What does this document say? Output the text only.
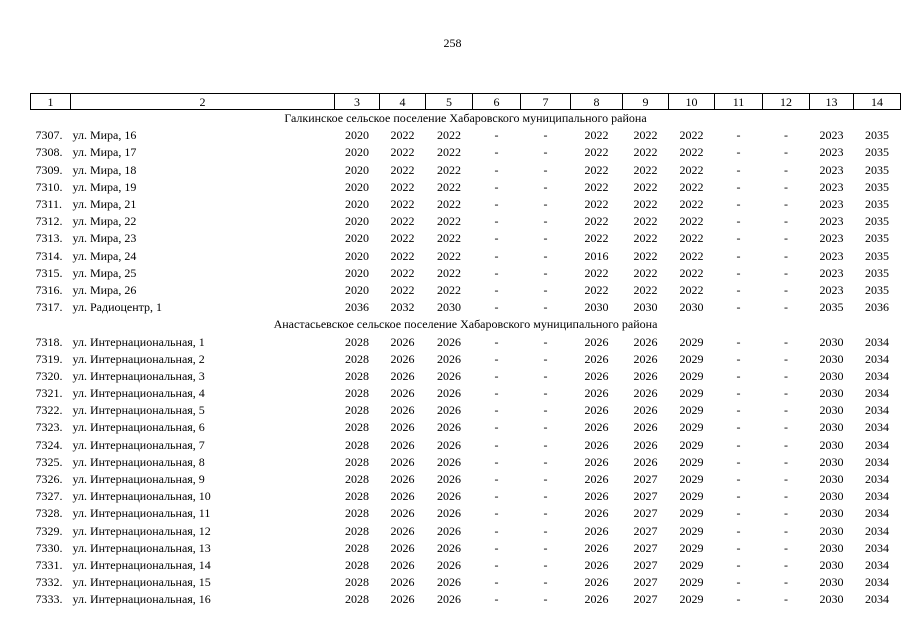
258
1	2	3	4	5	6	7	8	9	10	11	12	13	14
Галкинское сельское поселение Хабаровского муниципального района													
7307.	ул. Мира, 16	2020	2022	2022	-	-	2022	2022	2022	-	-	2023	2035
7308.	ул. Мира, 17	2020	2022	2022	-	-	2022	2022	2022	-	-	2023	2035
7309.	ул. Мира, 18	2020	2022	2022	-	-	2022	2022	2022	-	-	2023	2035
7310.	ул. Мира, 19	2020	2022	2022	-	-	2022	2022	2022	-	-	2023	2035
7311.	ул. Мира, 21	2020	2022	2022	-	-	2022	2022	2022	-	-	2023	2035
7312.	ул. Мира, 22	2020	2022	2022	-	-	2022	2022	2022	-	-	2023	2035
7313.	ул. Мира, 23	2020	2022	2022	-	-	2022	2022	2022	-	-	2023	2035
7314.	ул. Мира, 24	2020	2022	2022	-	-	2016	2022	2022	-	-	2023	2035
7315.	ул. Мира, 25	2020	2022	2022	-	-	2022	2022	2022	-	-	2023	2035
7316.	ул. Мира, 26	2020	2022	2022	-	-	2022	2022	2022	-	-	2023	2035
7317.	ул. Радиоцентр, 1	2036	2032	2030	-	-	2030	2030	2030	-	-	2035	2036
Анастасьевское сельское поселение Хабаровского муниципального района													
7318.	ул. Интернациональная, 1	2028	2026	2026	-	-	2026	2026	2029	-	-	2030	2034
7319.	ул. Интернациональная, 2	2028	2026	2026	-	-	2026	2026	2029	-	-	2030	2034
7320.	ул. Интернациональная, 3	2028	2026	2026	-	-	2026	2026	2029	-	-	2030	2034
7321.	ул. Интернациональная, 4	2028	2026	2026	-	-	2026	2026	2029	-	-	2030	2034
7322.	ул. Интернациональная, 5	2028	2026	2026	-	-	2026	2026	2029	-	-	2030	2034
7323.	ул. Интернациональная, 6	2028	2026	2026	-	-	2026	2026	2029	-	-	2030	2034
7324.	ул. Интернациональная, 7	2028	2026	2026	-	-	2026	2026	2029	-	-	2030	2034
7325.	ул. Интернациональная, 8	2028	2026	2026	-	-	2026	2026	2029	-	-	2030	2034
7326.	ул. Интернациональная, 9	2028	2026	2026	-	-	2026	2027	2029	-	-	2030	2034
7327.	ул. Интернациональная, 10	2028	2026	2026	-	-	2026	2027	2029	-	-	2030	2034
7328.	ул. Интернациональная, 11	2028	2026	2026	-	-	2026	2027	2029	-	-	2030	2034
7329.	ул. Интернациональная, 12	2028	2026	2026	-	-	2026	2027	2029	-	-	2030	2034
7330.	ул. Интернациональная, 13	2028	2026	2026	-	-	2026	2027	2029	-	-	2030	2034
7331.	ул. Интернациональная, 14	2028	2026	2026	-	-	2026	2027	2029	-	-	2030	2034
7332.	ул. Интернациональная, 15	2028	2026	2026	-	-	2026	2027	2029	-	-	2030	2034
7333.	ул. Интернациональная, 16	2028	2026	2026	-	-	2026	2027	2029	-	-	2030	2034
